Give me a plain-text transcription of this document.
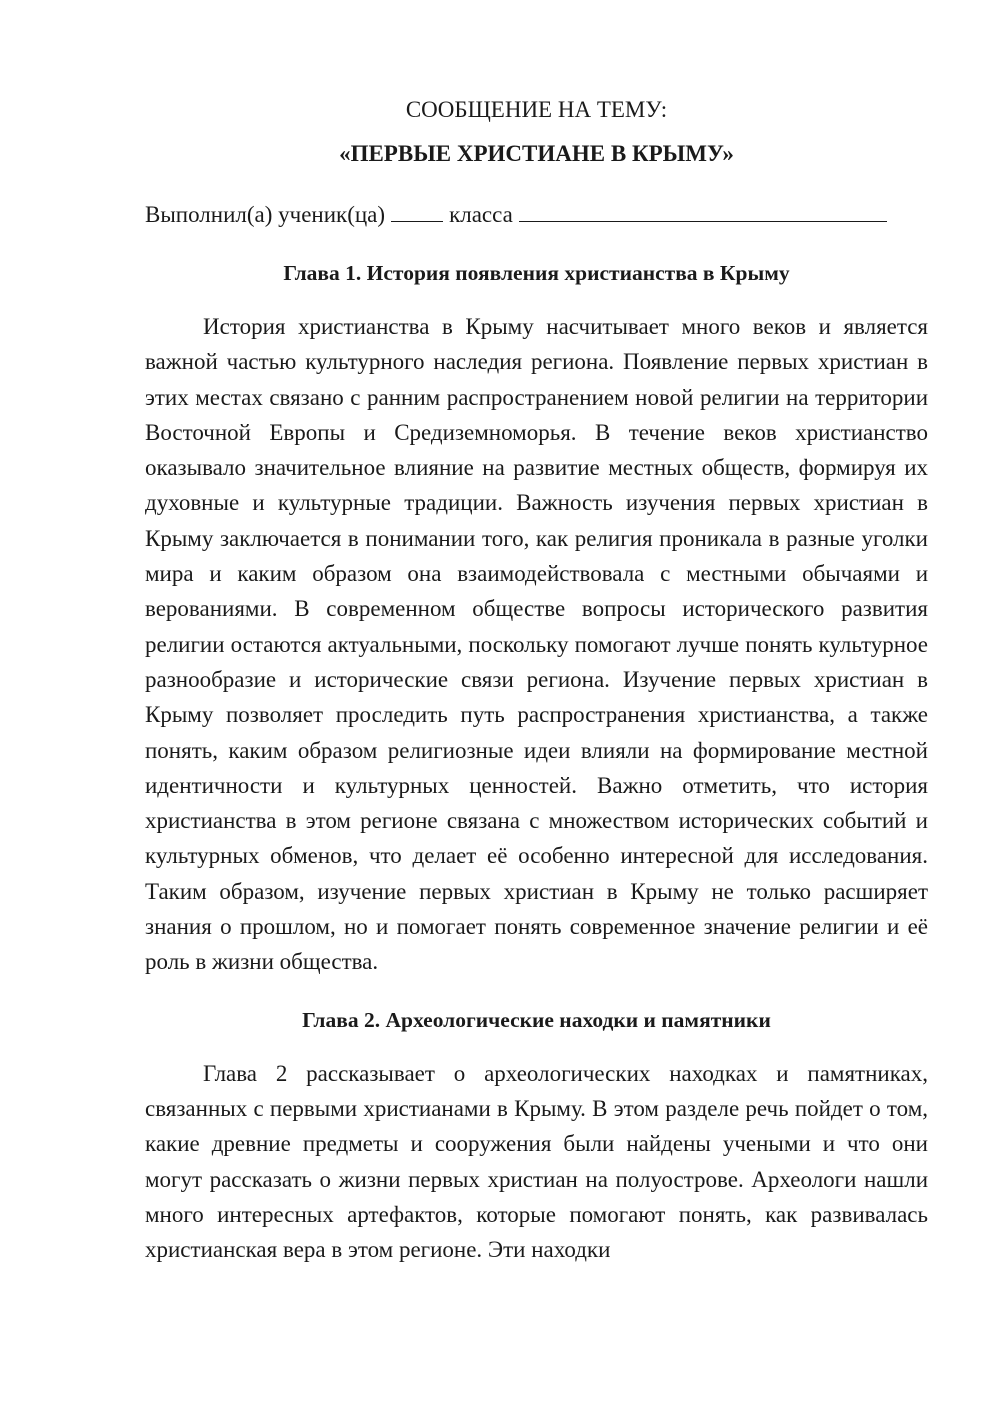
СООБЩЕНИЕ НА ТЕМУ:
«ПЕРВЫЕ ХРИСТИАНЕ В КРЫМУ»
Выполнил(а) ученик(ца)	класса
Глава 1. История появления христианства в Крыму

История христианства в Крыму насчитывает много веков и является важной частью культурного наследия региона. Появление первых христиан в этих местах связано с ранним распространением новой религии на территории Восточной Европы и Средиземноморья. В течение веков христианство оказывало значительное влияние на развитие местных обществ, формируя их духовные и культурные традиции. Важность изучения первых христиан в Крыму заключается в понимании того, как религия проникала в разные уголки мира и каким образом она взаимодействовала с местными обычаями и верованиями. В современном обществе вопросы исторического развития религии остаются актуальными, поскольку помогают лучше понять культурное разнообразие и исторические связи региона. Изучение первых христиан в Крыму позволяет проследить путь распространения христианства, а также понять, каким образом религиозные идеи влияли на формирование местной идентичности и культурных ценностей. Важно отметить, что история христианства в этом регионе связана с множеством исторических событий и культурных обменов, что делает её особенно интересной для исследования. Таким образом, изучение первых христиан в Крыму не только расширяет знания о прошлом, но и помогает понять современное значение религии и её роль в жизни общества.

Глава 2. Археологические находки и памятники

Глава 2 рассказывает о археологических находках и памятниках, связанных с первыми христианами в Крыму. В этом разделе речь пойдет о том, какие древние предметы и сооружения были найдены учеными и что они могут рассказать о жизни первых христиан на полуострове. Археологи нашли много интересных артефактов, которые помогают понять, как развивалась христианская вера в этом регионе. Эти находки
